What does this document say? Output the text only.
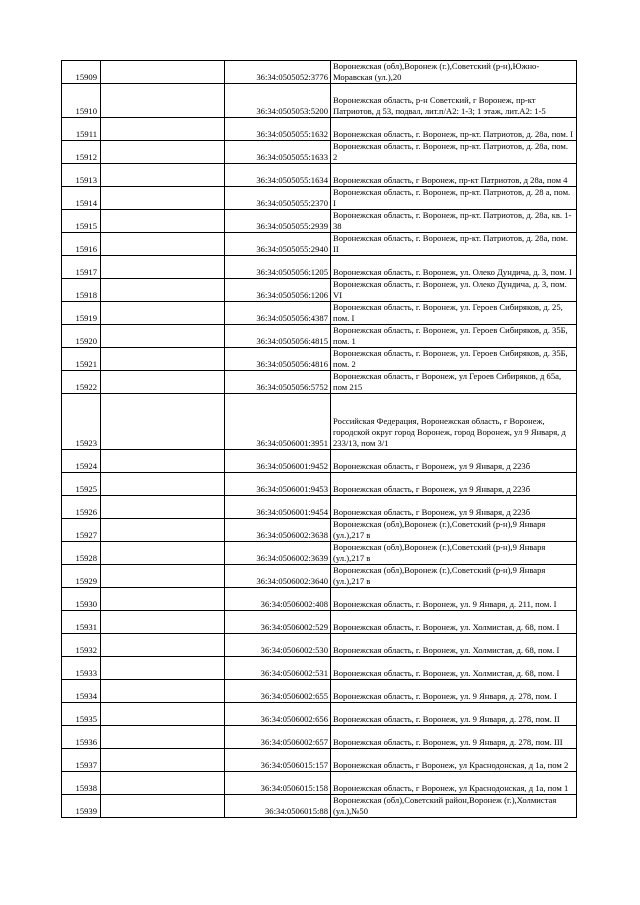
15909		36:34:0505052:3776	Воронежская (обл),Воронеж (г.),Советский (р-н),Южно-Моравская (ул.),20
15910		36:34:0505053:5200	Воронежская область, р-н Советский, г Воронеж, пр-кт Патриотов, д 53, подвал, лит.п/А2: 1-3; 1 этаж, лит.А2: 1-5
15911		36:34:0505055:1632	Воронежская область, г. Воронеж, пр-кт. Патриотов, д. 28а, пом. I
15912		36:34:0505055:1633	Воронежская область, г. Воронеж, пр-кт. Патриотов, д. 28а, пом. 2
15913		36:34:0505055:1634	Воронежская область, г Воронеж, пр-кт Патриотов, д 28а, пом 4
15914		36:34:0505055:2370	Воронежская область, г. Воронеж, пр-кт. Патриотов, д. 28 а, пом. I
15915		36:34:0505055:2939	Воронежская область, г. Воронеж, пр-кт. Патриотов, д. 28а, кв. 1-38
15916		36:34:0505055:2940	Воронежская область, г. Воронеж, пр-кт. Патриотов, д. 28а, пом. II
15917		36:34:0505056:1205	Воронежская область, г. Воронеж, ул. Олеко Дундича, д. 3, пом. I
15918		36:34:0505056:1206	Воронежская область, г. Воронеж, ул. Олеко Дундича, д. 3, пом. VI
15919		36:34:0505056:4387	Воронежская область, г. Воронеж, ул. Героев Сибиряков, д. 25, пом. I
15920		36:34:0505056:4815	Воронежская область, г. Воронеж, ул. Героев Сибиряков, д. 35Б, пом. 1
15921		36:34:0505056:4816	Воронежская область, г. Воронеж, ул. Героев Сибиряков, д. 35Б, пом. 2
15922		36:34:0505056:5752	Воронежская область, г Воронеж, ул Героев Сибиряков, д 65а, пом 215
15923		36:34:0506001:3951	Российская Федерация, Воронежская область, г Воронеж, городской округ город Воронеж, город Воронеж, ул 9 Января, д 233/13, пом 3/1
15924		36:34:0506001:9452	Воронежская область, г Воронеж, ул 9 Января, д 223б
15925		36:34:0506001:9453	Воронежская область, г Воронеж, ул 9 Января, д 223б
15926		36:34:0506001:9454	Воронежская область, г Воронеж, ул 9 Января, д 223б
15927		36:34:0506002:3638	Воронежская (обл),Воронеж (г.),Советский (р-н),9 Января (ул.),217 в
15928		36:34:0506002:3639	Воронежская (обл),Воронеж (г.),Советский (р-н),9 Января (ул.),217 в
15929		36:34:0506002:3640	Воронежская (обл),Воронеж (г.),Советский (р-н),9 Января (ул.),217 в
15930		36:34:0506002:408	Воронежская область, г. Воронеж, ул. 9 Января, д. 211, пом. I
15931		36:34:0506002:529	Воронежская область, г. Воронеж, ул. Холмистая, д. 68, пом. I
15932		36:34:0506002:530	Воронежская область, г. Воронеж, ул. Холмистая, д. 68, пом. I
15933		36:34:0506002:531	Воронежская область, г. Воронеж, ул. Холмистая, д. 68, пом. I
15934		36:34:0506002:655	Воронежская область, г. Воронеж, ул. 9 Января, д. 278, пом. I
15935		36:34:0506002:656	Воронежская область, г. Воронеж, ул. 9 Января, д. 278, пом. II
15936		36:34:0506002:657	Воронежская область, г. Воронеж, ул. 9 Января, д. 278, пом. III
15937		36:34:0506015:157	Воронежская область, г Воронеж, ул Краснодонская, д 1а, пом 2
15938		36:34:0506015:158	Воронежская область, г Воронеж, ул Краснодонская, д 1а, пом 1
15939		36:34:0506015:88	Воронежская (обл),Советский район,Воронеж (г.),Холмистая (ул.),№50
